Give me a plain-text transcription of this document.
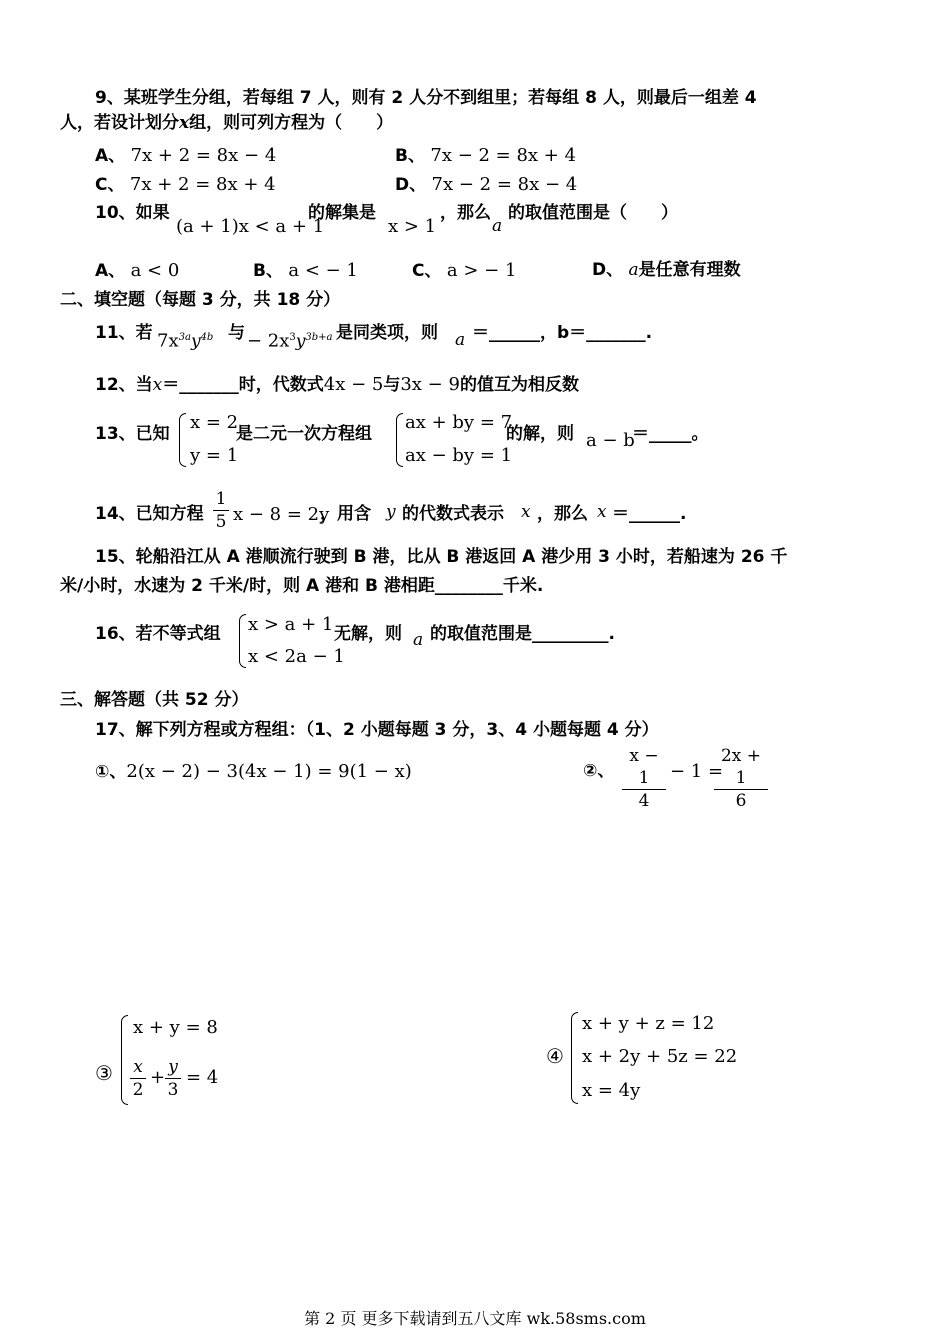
9、某班学生分组，若每组 7 人，则有 2 人分不到组里；若每组 8 人，则最后一组差 4
人，若设计划分x组，则可列方程为（　　）
A、 7x + 2 = 8x − 4	B、 7x − 2 = 8x + 4
C、 7x + 2 = 8x + 4	D、 7x − 2 = 8x − 4
10、如果
(a + 1)x < a + 1
的解集是
x > 1
，那么
a
的取值范围是（　　）
A、 a < 0	B、 a < − 1	C、 a > − 1	D、 a是任意有理数
二、填空题（每题 3 分，共 18 分）
11、若 $7x^{3a}y^{4b}$ 与 − $2x^3y^{3b+a}$ 是同类项，则 a ＝______，b＝_______.
12、当x＝_______时，代数式4x − 5与3x − 9的值互为相反数
13、已知
x = 2
y = 1
是二元一次方程组
ax + by = 7
ax − by = 1
的解，则 a − b
＝_____。
14、已知方程 $\frac{1}{5}$ x − 8 = 2y
，用含 y 的代数式表示 x ，那么 x ＝______.
15、轮船沿江从 A 港顺流行驶到 B 港，比从 B 港返回 A 港少用 3 小时，若船速为 26 千
米/小时，水速为 2 千米/时，则 A 港和 B 港相距________千米.
16、若不等式组 x > a + 1
x < 2a − 1
无解，则 a 的取值范围是_________.
三、解答题（共 52 分）
17、解下列方程或方程组：（1、2 小题每题 3 分，3、4 小题每题 4 分）
①、2(x − 2) − 3(4x − 1) = 9(1 − x)	②、 $\frac{x - 1}{4} - 1$ =
$\frac{2x + 1}{6}$
③
x + y = 8
$\frac{x}{2} + \frac{y}{3} = 4$
④
x + y + z = 12
x + 2y + 5z = 22
x = 4y
第 2 页 更多下载请到五八文库 wk.58sms.com
